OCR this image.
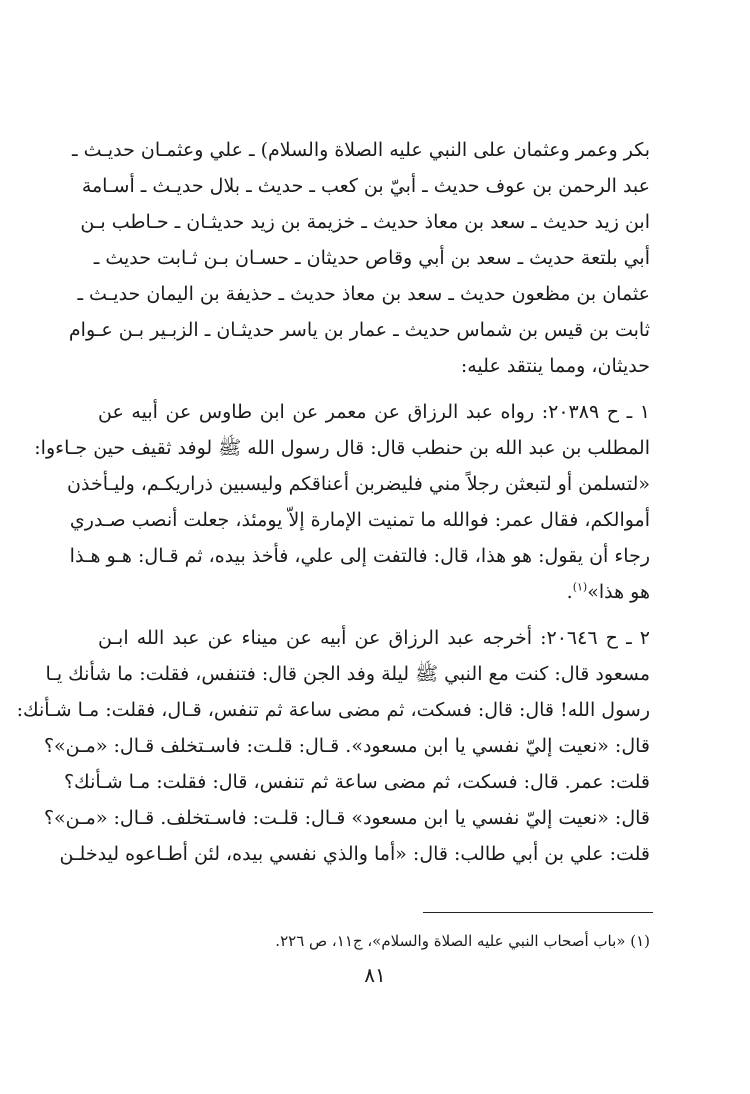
بكر وعمر وعثمان على النبي عليه الصلاة والسلام) ـ علي وعثمـان حديـث ـ
عبد الرحمن بن عوف حديث ـ أبيّ بن كعب ـ حديث ـ بلال حديـث ـ أسـامة
ابن زيد حديث ـ سعد بن معاذ حديث ـ خزيمة بن زيد حديثـان ـ حـاطب بـن
أبي بلتعة حديث ـ سعد بن أبي وقاص حديثان ـ حسـان بـن ثـابت حديث ـ
عثمان بن مظعون حديث ـ سعد بن معاذ حديث ـ حذيفة بن اليمان حديـث ـ
ثابت بن قيس بن شماس حديث ـ عمار بن ياسر حديثـان ـ الزبـير بـن عـوام
حديثان، ومما ينتقد عليه:
١ ـ ح ٢٠٣٨٩: رواه عبد الرزاق عن معمر عن ابن طاوس عن أبيه عن
المطلب بن عبد الله بن حنطب قال: قال رسول الله ﷺ لوفد ثقيف حين جـاءوا:
«لتسلمن أو لتبعثن رجلاً مني فليضربن أعناقكم وليسبين ذراريكـم، وليـأخذن
أموالكم، فقال عمر: فوالله ما تمنيت الإمارة إلاّ يومئذ، جعلت أنصب صـدري
رجاء أن يقول: هو هذا، قال: فالتفت إلى علي، فأخذ بيده، ثم قـال: هـو هـذا
هو هذا»$^{(١)}$.
٢ ـ ح ٢٠٦٤٦: أخرجه عبد الرزاق عن أبيه عن ميناء عن عبد الله ابـن
مسعود قال: كنت مع النبي ﷺ ليلة وفد الجن قال: فتنفس، فقلت: ما شأنك يـا
رسول الله! قال: قال: فسكت، ثم مضى ساعة ثم تنفس، قـال، فقلت: مـا شـأنك:
قال: «نعيت إليّ نفسي يا ابن مسعود». قـال: قلـت: فاسـتخلف قـال: «مـن»؟
قلت: عمر. قال: فسكت، ثم مضى ساعة ثم تنفس، قال: فقلت: مـا شـأنك؟
قال: «نعيت إليّ نفسي يا ابن مسعود» قـال: قلـت: فاسـتخلف. قـال: «مـن»؟
قلت: علي بن أبي طالب: قال: «أما والذي نفسي بيده، لئن أطـاعوه ليدخلـن
(١) «باب أصحاب النبي عليه الصلاة والسلام»، ج١١، ص ٢٢٦.
٨١
